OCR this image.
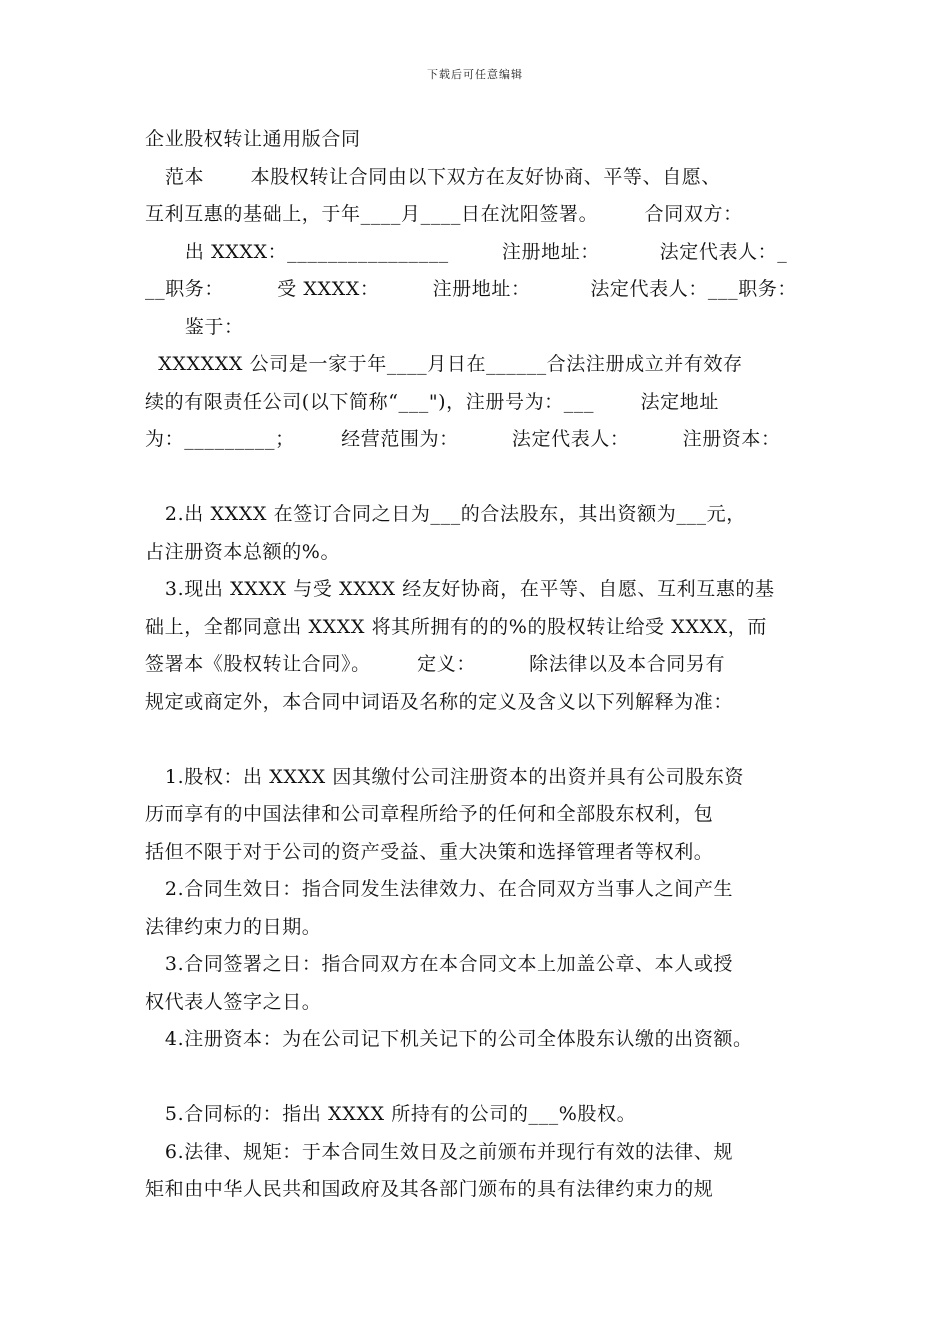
下载后可任意编辑

企业股权转让通用版合同

范本       本股权转让合同由以下双方在友好协商、平等、自愿、

互利互惠的基础上，于年____月____日在沈阳签署。       合同双方：

出 XXXX：________________        注册地址：         法定代表人：_

__职务：        受 XXXX：        注册地址：         法定代表人：___职务：

鉴于：

XXXXXX 公司是一家于年____月日在______合法注册成立并有效存

续的有限责任公司(以下简称“___")，注册号为：___       法定地址

为：_________；       经营范围为：        法定代表人：        注册资本：

2.出 XXXX 在签订合同之日为___的合法股东，其出资额为___元，

占注册资本总额的%。

3.现出 XXXX 与受 XXXX 经友好协商，在平等、自愿、互利互惠的基

础上，全都同意出 XXXX 将其所拥有的的%的股权转让给受 XXXX，而

签署本《股权转让合同》。       定义：        除法律以及本合同另有

规定或商定外，本合同中词语及名称的定义及含义以下列解释为准：

1.股权：出 XXXX 因其缴付公司注册资本的出资并具有公司股东资

历而享有的中国法律和公司章程所给予的任何和全部股东权利，包

括但不限于对于公司的资产受益、重大决策和选择管理者等权利。

2.合同生效日：指合同发生法律效力、在合同双方当事人之间产生

法律约束力的日期。

3.合同签署之日：指合同双方在本合同文本上加盖公章、本人或授

权代表人签字之日。

4.注册资本：为在公司记下机关记下的公司全体股东认缴的出资额。

5.合同标的：指出 XXXX 所持有的公司的___%股权。

6.法律、规矩：于本合同生效日及之前颁布并现行有效的法律、规

矩和由中华人民共和国政府及其各部门颁布的具有法律约束力的规
